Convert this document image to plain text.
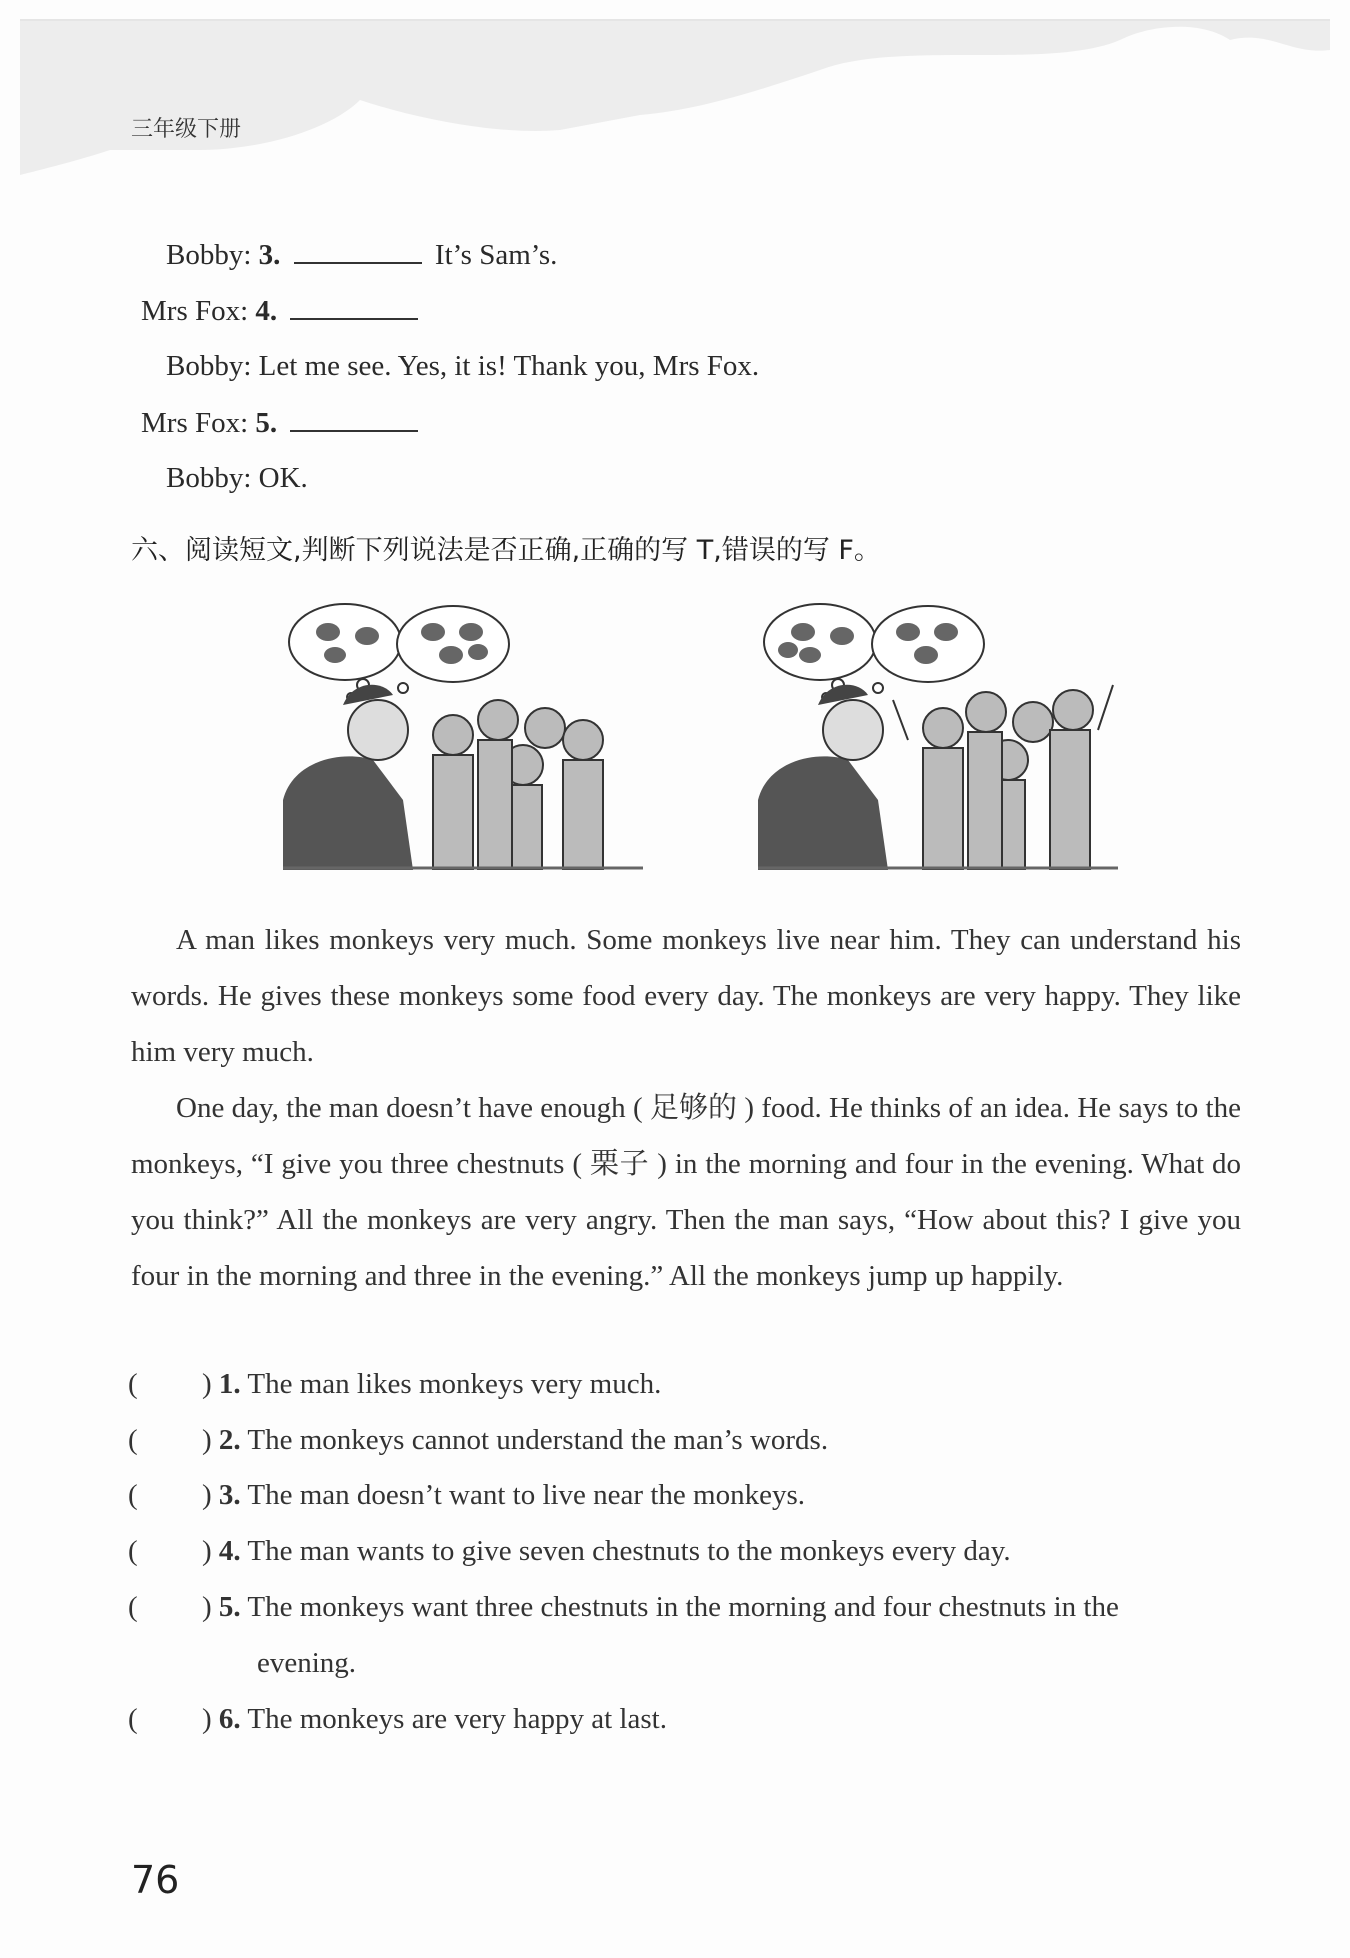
三年级下册
Bobby: 3.	It’s Sam’s.
Mrs Fox: 4.
Bobby: Let me see. Yes, it is! Thank you, Mrs Fox.
Mrs Fox: 5.
Bobby: OK.
六、阅读短文,判断下列说法是否正确,正确的写 T,错误的写 F。

A man likes monkeys very much. Some monkeys live near him. They can understand his words. He gives these monkeys some food every day. The monkeys are very happy. They like him very much.

One day, the man doesn’t have enough ( 足够的 ) food. He thinks of an idea. He says to the monkeys, “I give you three chestnuts ( 栗子 ) in the morning and four in the evening. What do you think?” All the monkeys are very angry. Then the man says, “How about this? I give you four in the morning and three in the evening.” All the monkeys jump up happily.

( ) 1. The man likes monkeys very much.
( ) 2. The monkeys cannot understand the man’s words.
( ) 3. The man doesn’t want to live near the monkeys.
( ) 4. The man wants to give seven chestnuts to the monkeys every day.
( ) 5. The monkeys want three chestnuts in the morning and four chestnuts in the
evening.
( ) 6. The monkeys are very happy at last.
76
